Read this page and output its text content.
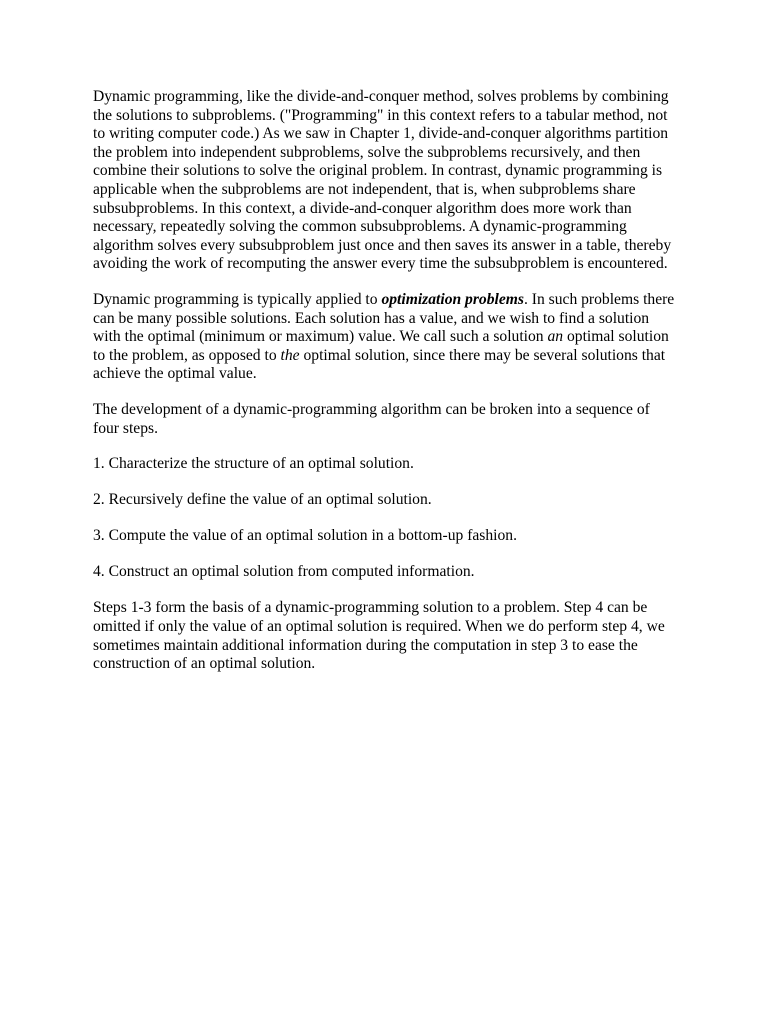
Dynamic programming, like the divide-and-conquer method, solves problems by combining the solutions to subproblems. ("Programming" in this context refers to a tabular method, not to writing computer code.) As we saw in Chapter 1, divide-and-conquer algorithms partition the problem into independent subproblems, solve the subproblems recursively, and then combine their solutions to solve the original problem. In contrast, dynamic programming is applicable when the subproblems are not independent, that is, when subproblems share subsubproblems. In this context, a divide-and-conquer algorithm does more work than necessary, repeatedly solving the common subsubproblems. A dynamic-programming algorithm solves every subsubproblem just once and then saves its answer in a table, thereby avoiding the work of recomputing the answer every time the subsubproblem is encountered.

Dynamic programming is typically applied to optimization problems. In such problems there can be many possible solutions. Each solution has a value, and we wish to find a solution with the optimal (minimum or maximum) value. We call such a solution an optimal solution to the problem, as opposed to the optimal solution, since there may be several solutions that achieve the optimal value.

The development of a dynamic-programming algorithm can be broken into a sequence of four steps.

1. Characterize the structure of an optimal solution.

2. Recursively define the value of an optimal solution.

3. Compute the value of an optimal solution in a bottom-up fashion.

4. Construct an optimal solution from computed information.

Steps 1-3 form the basis of a dynamic-programming solution to a problem. Step 4 can be omitted if only the value of an optimal solution is required. When we do perform step 4, we sometimes maintain additional information during the computation in step 3 to ease the construction of an optimal solution.
